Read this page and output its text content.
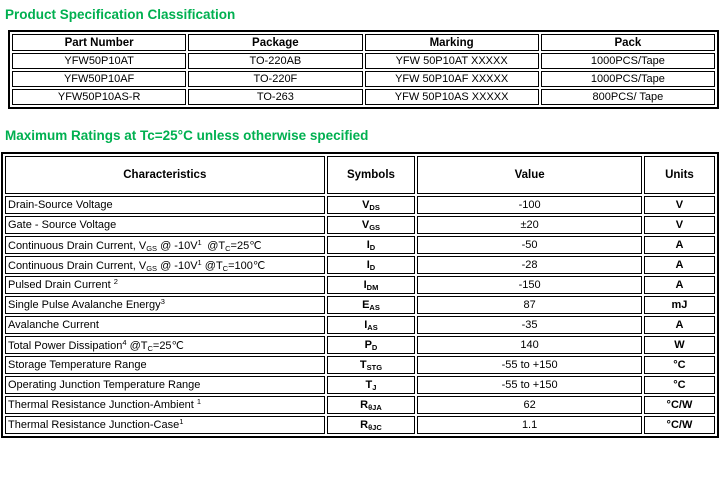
Product Specification Classification
Part Number	Package	Marking	Pack
YFW50P10AT	TO-220AB	YFW 50P10AT XXXXX	1000PCS/Tape
YFW50P10AF	TO-220F	YFW 50P10AF XXXXX	1000PCS/Tape
YFW50P10AS-R	TO-263	YFW 50P10AS XXXXX	800PCS/ Tape
Maximum Ratings at Tc=25°C unless otherwise specified
Characteristics	Symbols	Value	Units
Drain-Source Voltage	$V_{DS}$	-100	V
Gate - Source Voltage	$V_{GS}$	±20	V
Continuous Drain Current, $V_{GS}$ @ $-10V^1$ $@T_C=25℃$	$I_D$	-50	A
Continuous Drain Current, $V_{GS}$ @ $-10V^1$ $@T_C=100℃$	$I_D$	-28	A
Pulsed Drain Current $^2$	$I_{DM}$	-150	A
Single Pulse Avalanche Energy$^3$	$E_{AS}$	87	mJ
Avalanche Current	$I_{AS}$	-35	A
Total Power Dissipation$^4$ $@T_C=25℃$	$P_D$	140	W
Storage Temperature Range	$T_{STG}$	-55 to +150	°C
Operating Junction Temperature Range	$T_J$	-55 to +150	°C
Thermal Resistance Junction-Ambient $^1$	$R_{\theta JA}$	62	°C/W
Thermal Resistance Junction-Case$^1$	$R_{\theta JC}$	1.1	°C/W
